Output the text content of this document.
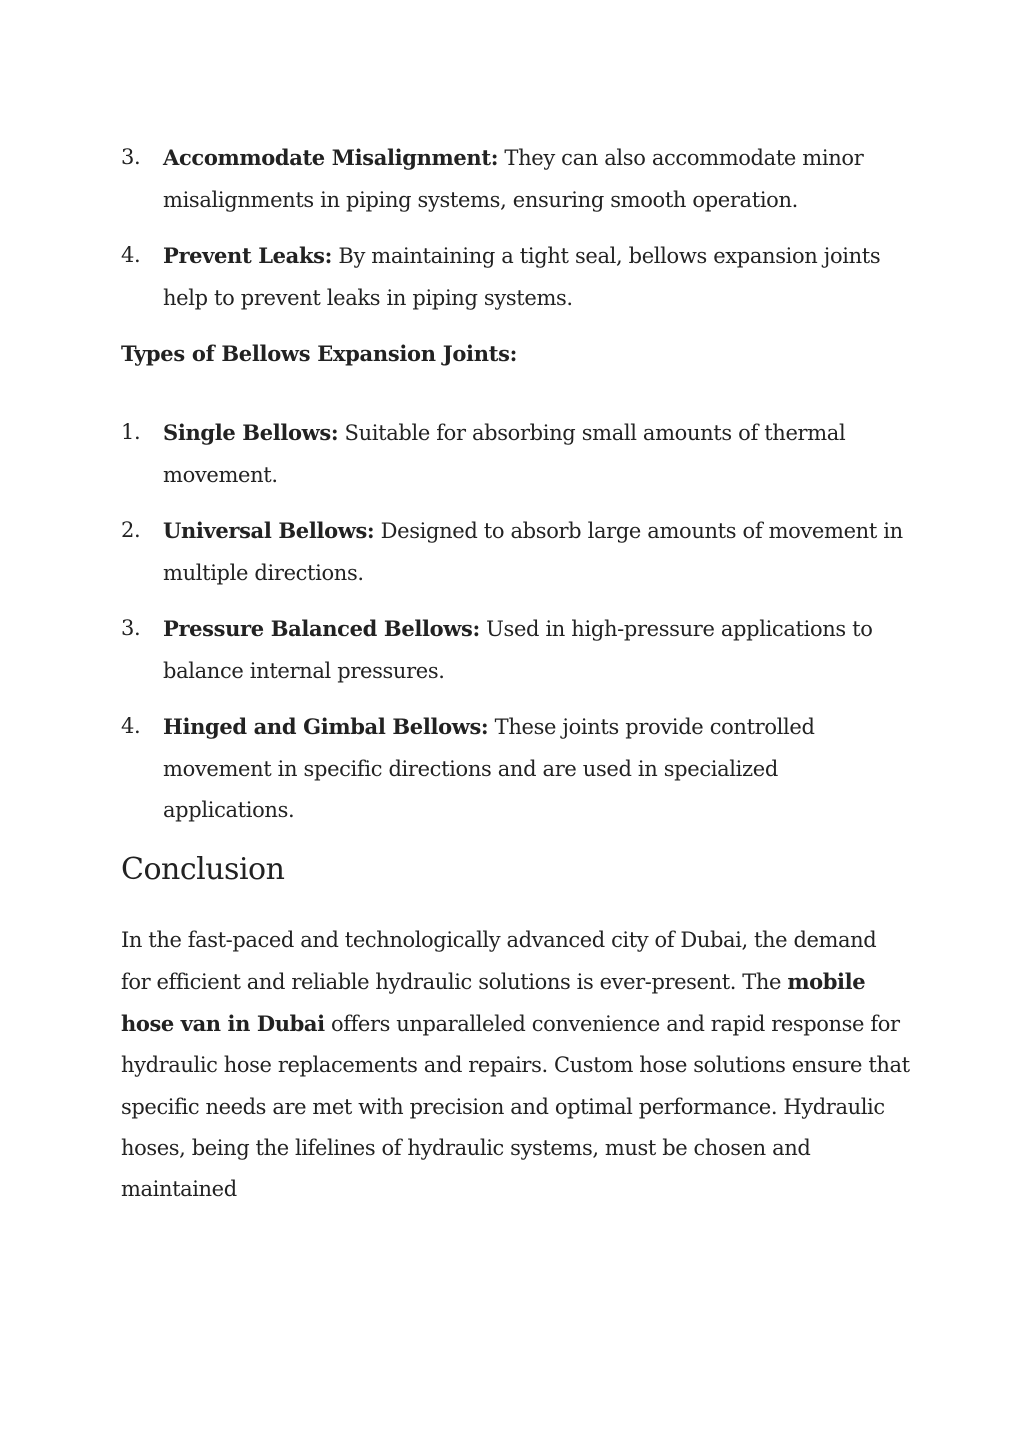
3. Accommodate Misalignment: They can also accommodate minor misalignments in piping systems, ensuring smooth operation.
4. Prevent Leaks: By maintaining a tight seal, bellows expansion joints help to prevent leaks in piping systems.
Types of Bellows Expansion Joints:
1. Single Bellows: Suitable for absorbing small amounts of thermal movement.
2. Universal Bellows: Designed to absorb large amounts of movement in multiple directions.
3. Pressure Balanced Bellows: Used in high-pressure applications to balance internal pressures.
4. Hinged and Gimbal Bellows: These joints provide controlled movement in specific directions and are used in specialized applications.
Conclusion

In the fast-paced and technologically advanced city of Dubai, the demand for efficient and reliable hydraulic solutions is ever-present. The mobile hose van in Dubai offers unparalleled convenience and rapid response for hydraulic hose replacements and repairs. Custom hose solutions ensure that specific needs are met with precision and optimal performance. Hydraulic hoses, being the lifelines of hydraulic systems, must be chosen and maintained
